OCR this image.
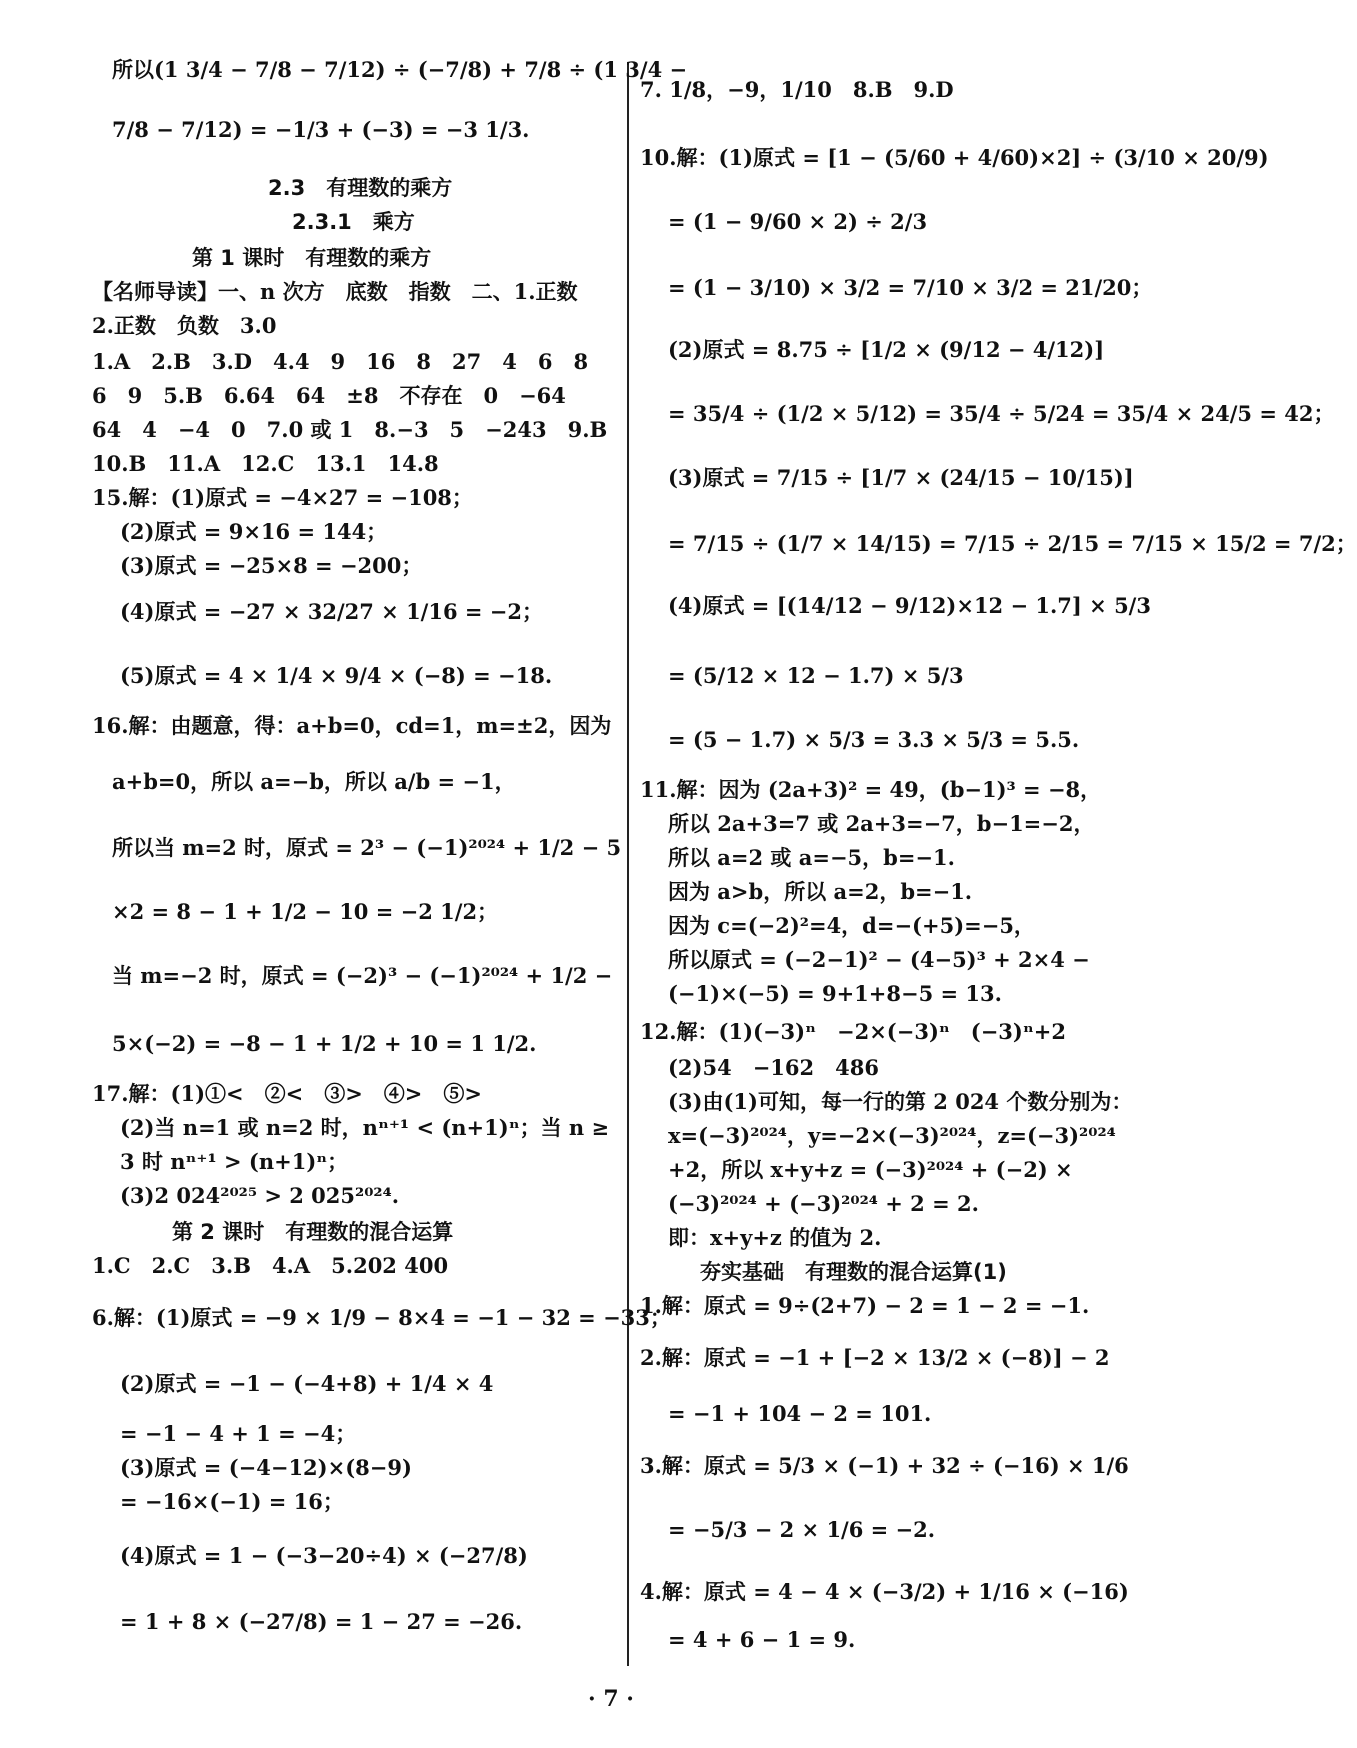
所以(1 3/4 − 7/8 − 7/12) ÷ (−7/8) + 7/8 ÷ (1 3/4 −
7/8 − 7/12) = −1/3 + (−3) = −3 1/3.
2.3　有理数的乘方
2.3.1　乘方
第 1 课时　有理数的乘方
【名师导读】一、n 次方　底数　指数　二、1.正数
2.正数　负数　3.0
1.A　2.B　3.D　4.4　9　16　8　27　4　6　8
6　9　5.B　6.64　64　±8　不存在　0　−64
64　4　−4　0　7.0 或 1　8.−3　5　−243　9.B
10.B　11.A　12.C　13.1　14.8
15.解：(1)原式 = −4×27 = −108；
(2)原式 = 9×16 = 144；
(3)原式 = −25×8 = −200；
(4)原式 = −27 × 32/27 × 1/16 = −2；
(5)原式 = 4 × 1/4 × 9/4 × (−8) = −18.
16.解：由题意，得：a+b=0，cd=1，m=±2，因为
a+b=0，所以 a=−b，所以 a/b = −1，
所以当 m=2 时，原式 = 2³ − (−1)²⁰²⁴ + 1/2 − 5
×2 = 8 − 1 + 1/2 − 10 = −2 1/2；
当 m=−2 时，原式 = (−2)³ − (−1)²⁰²⁴ + 1/2 −
5×(−2) = −8 − 1 + 1/2 + 10 = 1 1/2.
17.解：(1)①<　②<　③>　④>　⑤>
(2)当 n=1 或 n=2 时，nⁿ⁺¹ < (n+1)ⁿ；当 n ≥
3 时 nⁿ⁺¹ > (n+1)ⁿ；
(3)2 024²⁰²⁵ > 2 025²⁰²⁴.
第 2 课时　有理数的混合运算
1.C　2.C　3.B　4.A　5.202 400
6.解：(1)原式 = −9 × 1/9 − 8×4 = −1 − 32 = −33；
(2)原式 = −1 − (−4+8) + 1/4 × 4
= −1 − 4 + 1 = −4；
(3)原式 = (−4−12)×(8−9)
= −16×(−1) = 16；
(4)原式 = 1 − (−3−20÷4) × (−27/8)
= 1 + 8 × (−27/8) = 1 − 27 = −26.
7. 1/8，−9，1/10　8.B　9.D
10.解：(1)原式 = [1 − (5/60 + 4/60)×2] ÷ (3/10 × 20/9)
= (1 − 9/60 × 2) ÷ 2/3
= (1 − 3/10) × 3/2 = 7/10 × 3/2 = 21/20；
(2)原式 = 8.75 ÷ [1/2 × (9/12 − 4/12)]
= 35/4 ÷ (1/2 × 5/12) = 35/4 ÷ 5/24 = 35/4 × 24/5 = 42；
(3)原式 = 7/15 ÷ [1/7 × (24/15 − 10/15)]
= 7/15 ÷ (1/7 × 14/15) = 7/15 ÷ 2/15 = 7/15 × 15/2 = 7/2；
(4)原式 = [(14/12 − 9/12)×12 − 1.7] × 5/3
= (5/12 × 12 − 1.7) × 5/3
= (5 − 1.7) × 5/3 = 3.3 × 5/3 = 5.5.
11.解：因为 (2a+3)² = 49，(b−1)³ = −8，
所以 2a+3=7 或 2a+3=−7，b−1=−2，
所以 a=2 或 a=−5，b=−1.
因为 a>b，所以 a=2，b=−1.
因为 c=(−2)²=4，d=−(+5)=−5，
所以原式 = (−2−1)² − (4−5)³ + 2×4 −
(−1)×(−5) = 9+1+8−5 = 13.
12.解：(1)(−3)ⁿ　−2×(−3)ⁿ　(−3)ⁿ+2
(2)54　−162　486
(3)由(1)可知，每一行的第 2 024 个数分别为：
x=(−3)²⁰²⁴，y=−2×(−3)²⁰²⁴，z=(−3)²⁰²⁴
+2，所以 x+y+z = (−3)²⁰²⁴ + (−2) ×
(−3)²⁰²⁴ + (−3)²⁰²⁴ + 2 = 2.
即：x+y+z 的值为 2.
夯实基础　有理数的混合运算(1)
1.解：原式 = 9÷(2+7) − 2 = 1 − 2 = −1.
2.解：原式 = −1 + [−2 × 13/2 × (−8)] − 2
= −1 + 104 − 2 = 101.
3.解：原式 = 5/3 × (−1) + 32 ÷ (−16) × 1/6
= −5/3 − 2 × 1/6 = −2.
4.解：原式 = 4 − 4 × (−3/2) + 1/16 × (−16)
= 4 + 6 − 1 = 9.
· 7 ·
